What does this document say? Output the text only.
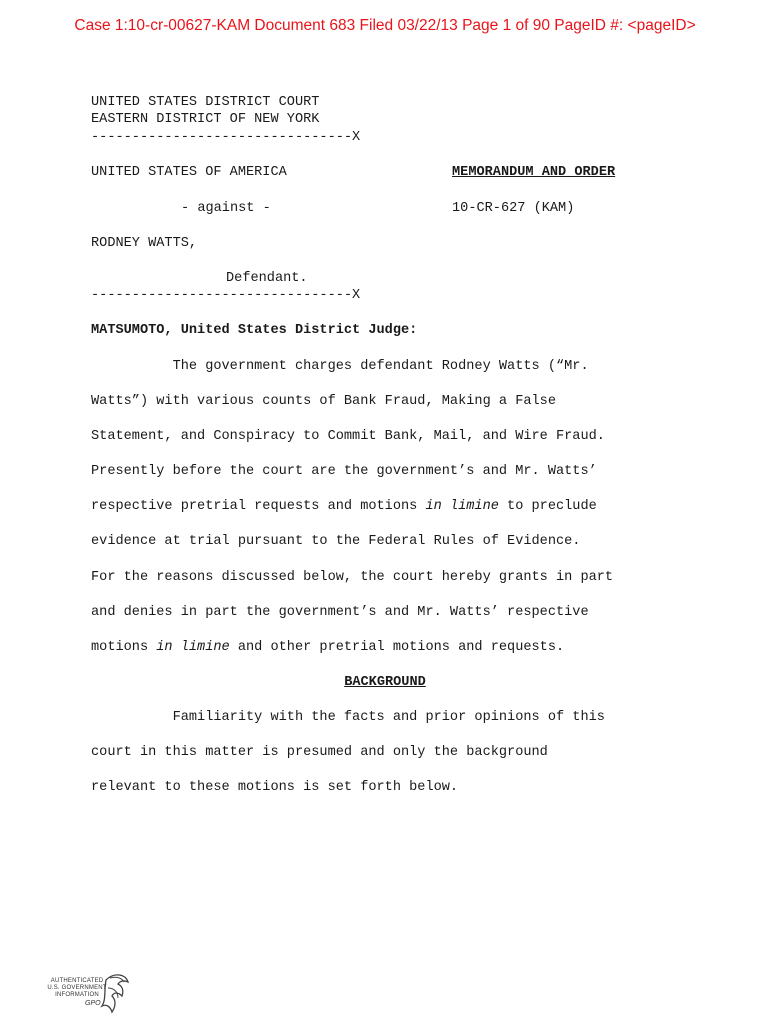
Case 1:10-cr-00627-KAM Document 683 Filed 03/22/13 Page 1 of 90 PageID #: <pageID>
UNITED STATES DISTRICT COURT
EASTERN DISTRICT OF NEW YORK
--------------------------------X
UNITED STATES OF AMERICA	MEMORANDUM AND ORDER
- against -	10-CR-627 (KAM)
RODNEY WATTS,
Defendant.
--------------------------------X
MATSUMOTO, United States District Judge:
The government charges defendant Rodney Watts (“Mr.
Watts”) with various counts of Bank Fraud, Making a False
Statement, and Conspiracy to Commit Bank, Mail, and Wire Fraud.
Presently before the court are the government’s and Mr. Watts’
respective pretrial requests and motions in limine to preclude
evidence at trial pursuant to the Federal Rules of Evidence.
For the reasons discussed below, the court hereby grants in part
and denies in part the government’s and Mr. Watts’ respective
motions in limine and other pretrial motions and requests.
BACKGROUND
Familiarity with the facts and prior opinions of this
court in this matter is presumed and only the background
relevant to these motions is set forth below.
AUTHENTICATED U.S. GOVERNMENT INFORMATION
GPO
